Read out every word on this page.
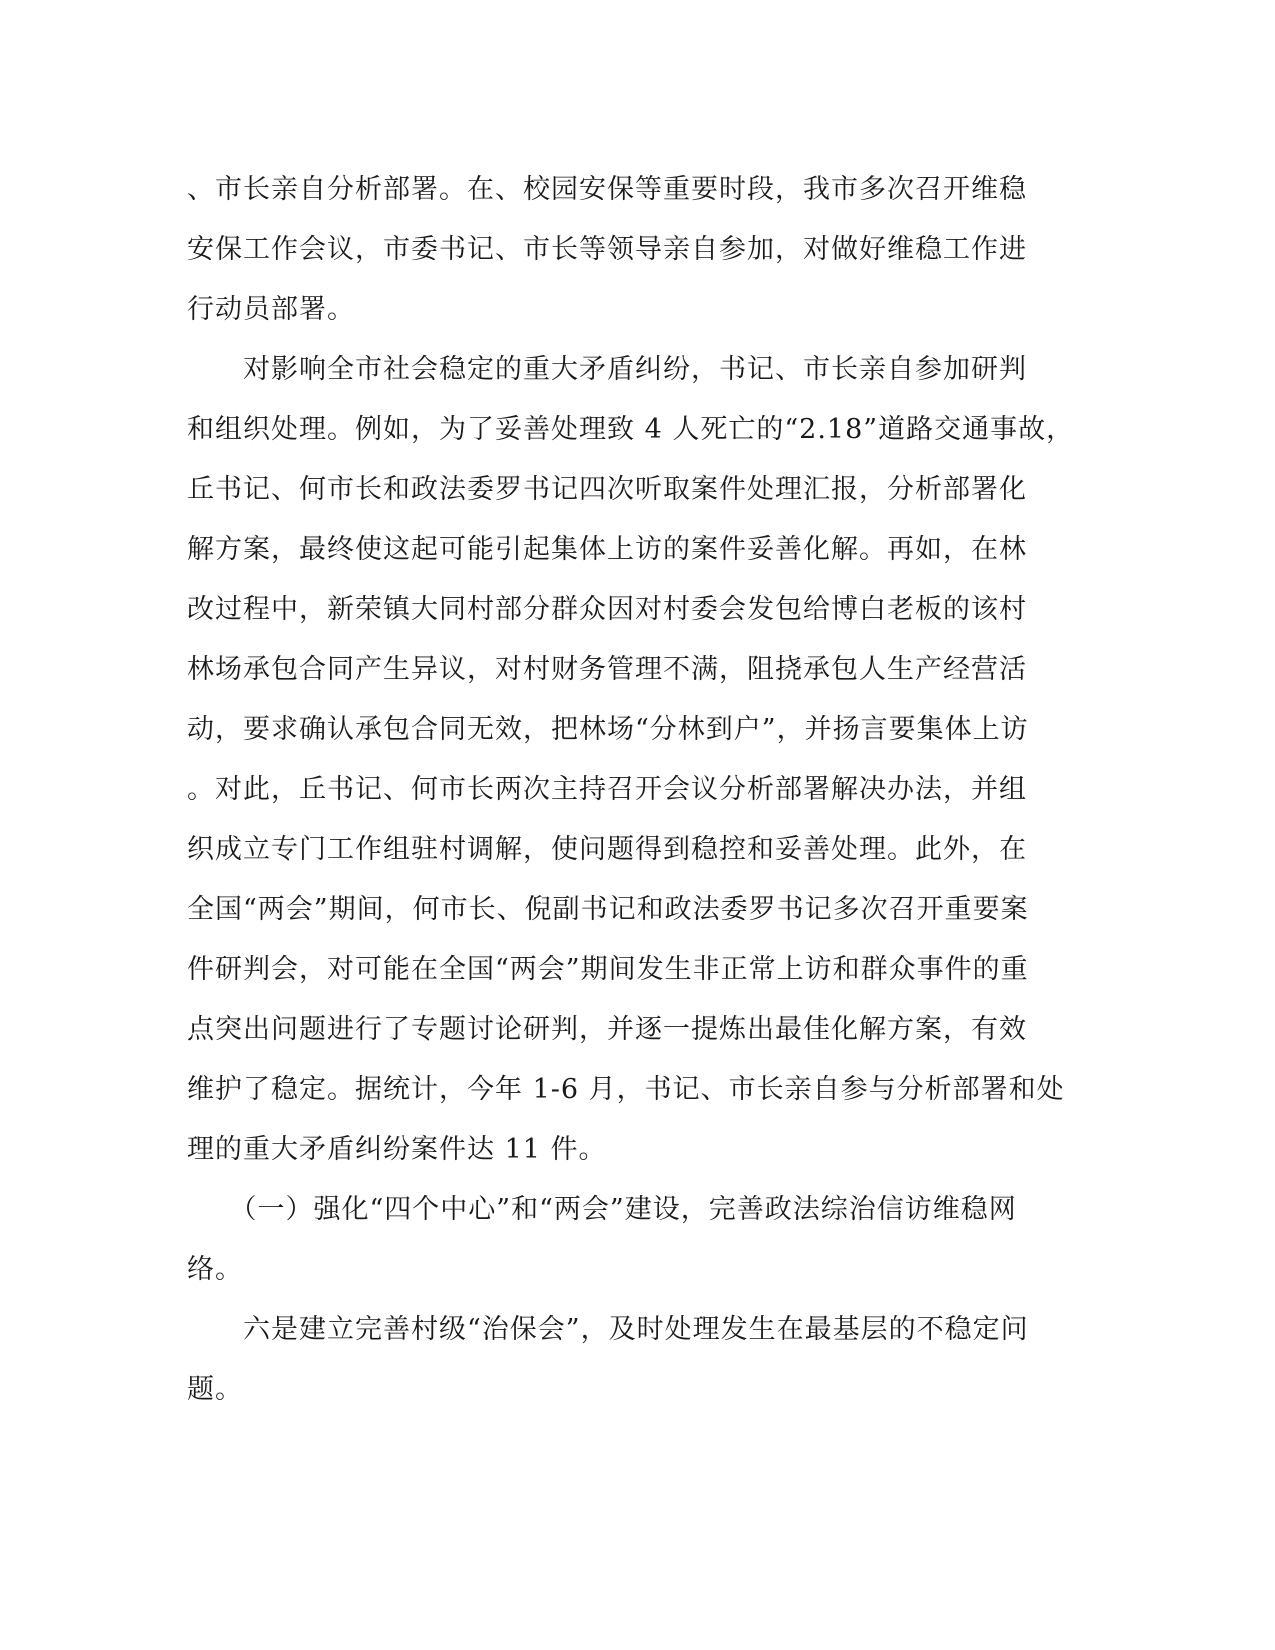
、市长亲自分析部署。在、校园安保等重要时段，我市多次召开维稳
安保工作会议，市委书记、市长等领导亲自参加，对做好维稳工作进
行动员部署。
　　对影响全市社会稳定的重大矛盾纠纷，书记、市长亲自参加研判
和组织处理。例如，为了妥善处理致 4 人死亡的“2.18”道路交通事故，
丘书记、何市长和政法委罗书记四次听取案件处理汇报，分析部署化
解方案，最终使这起可能引起集体上访的案件妥善化解。再如，在林
改过程中，新荣镇大同村部分群众因对村委会发包给博白老板的该村
林场承包合同产生异议，对村财务管理不满，阻挠承包人生产经营活
动，要求确认承包合同无效，把林场“分林到户”，并扬言要集体上访
。对此，丘书记、何市长两次主持召开会议分析部署解决办法，并组
织成立专门工作组驻村调解，使问题得到稳控和妥善处理。此外，在
全国“两会”期间，何市长、倪副书记和政法委罗书记多次召开重要案
件研判会，对可能在全国“两会”期间发生非正常上访和群众事件的重
点突出问题进行了专题讨论研判，并逐一提炼出最佳化解方案，有效
维护了稳定。据统计，今年 1-6 月，书记、市长亲自参与分析部署和处
理的重大矛盾纠纷案件达 11 件。
　　（一）强化“四个中心”和“两会”建设，完善政法综治信访维稳网
络。
　　六是建立完善村级“治保会”，及时处理发生在最基层的不稳定问
题。
